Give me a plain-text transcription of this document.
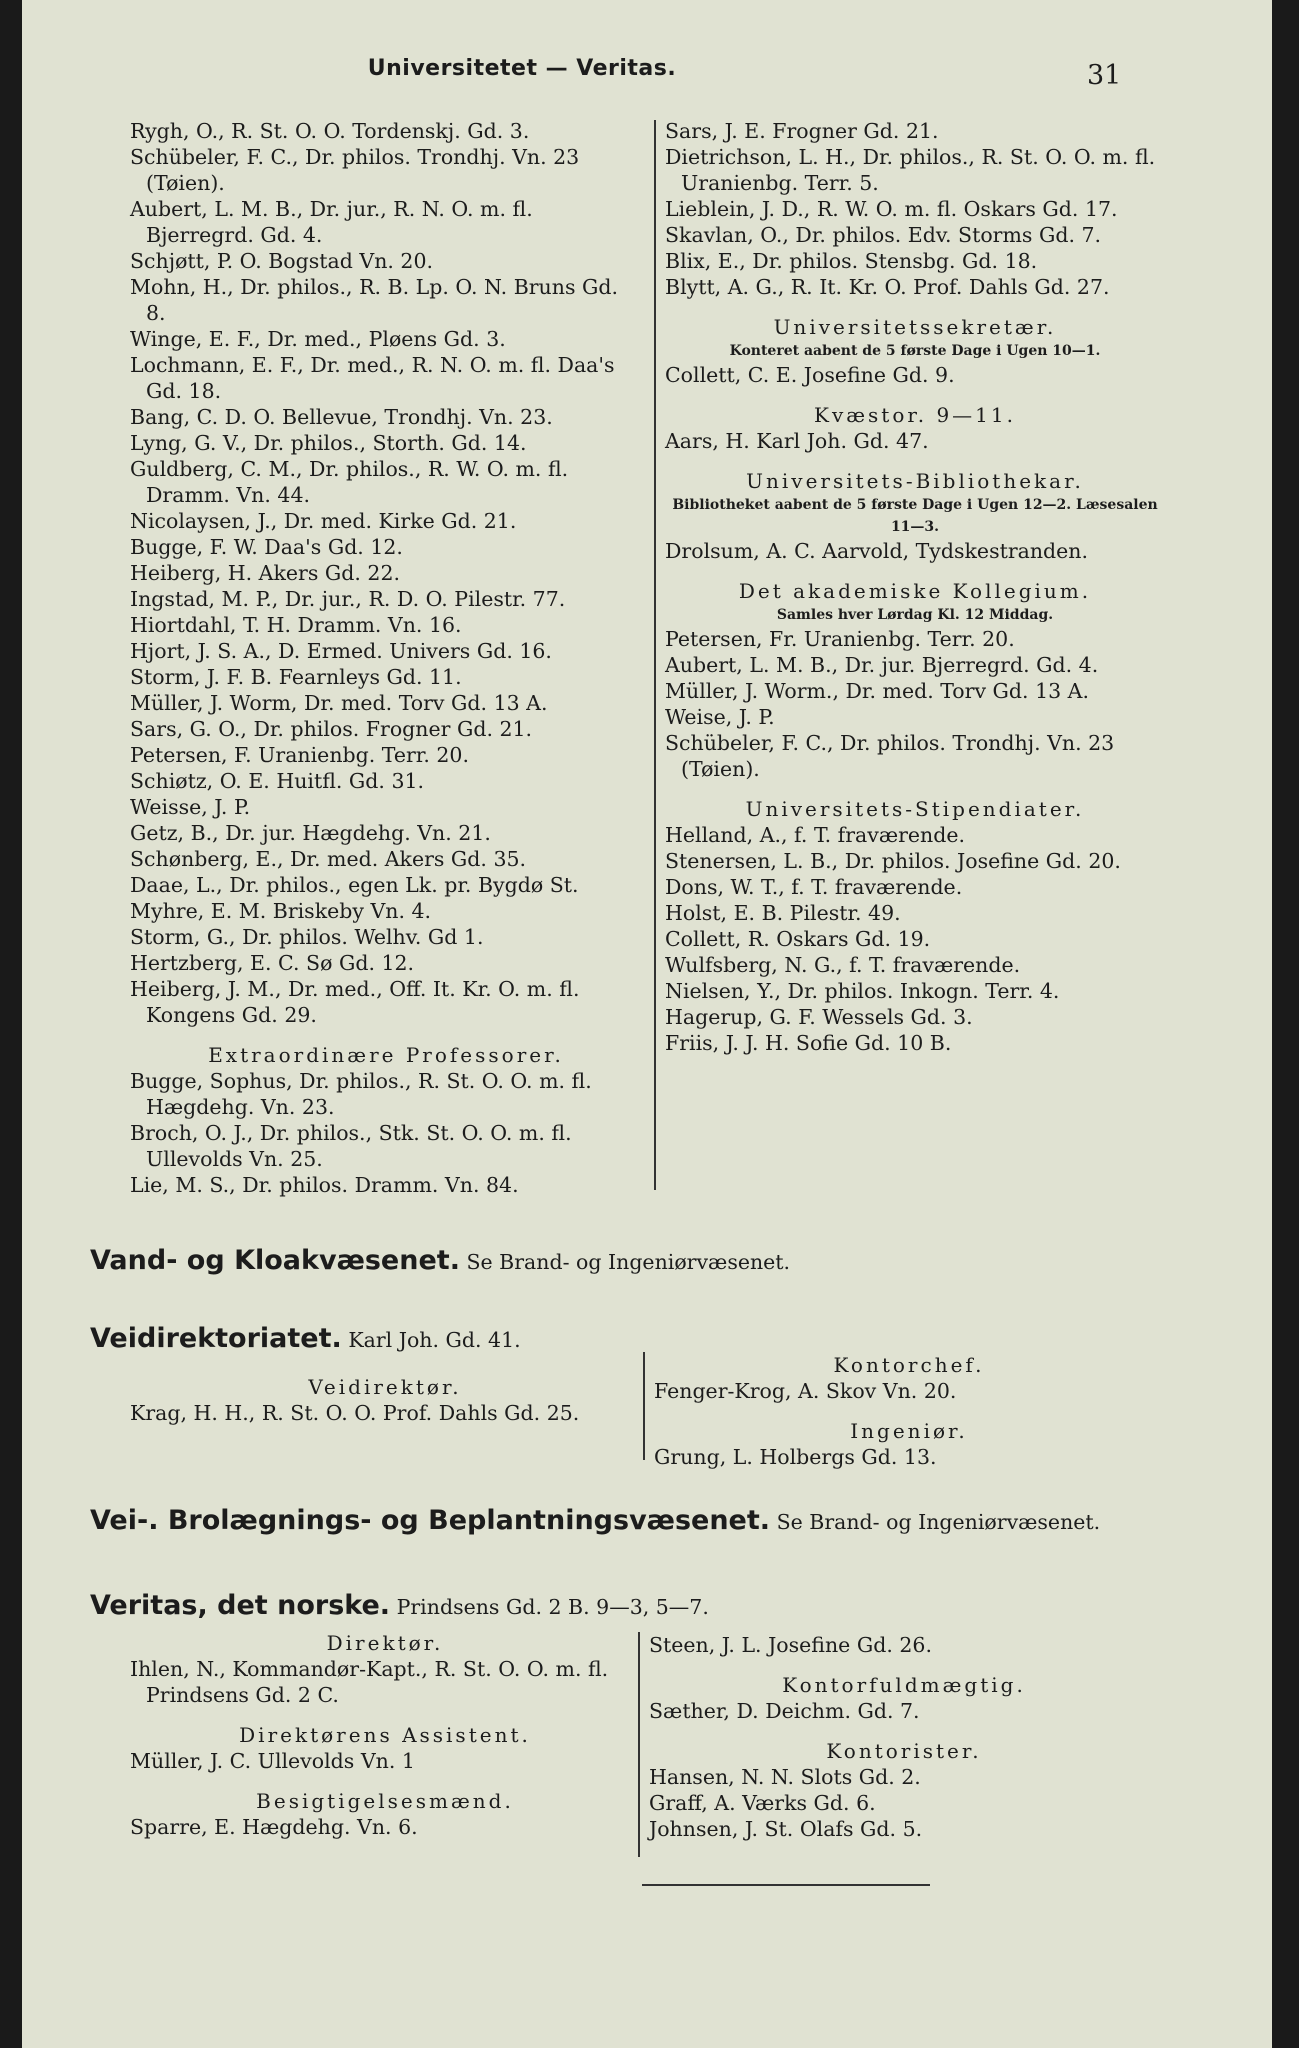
Universitetet — Veritas.	31
Rygh, O., R. St. O. O. Tordenskj. Gd. 3.
Schübeler, F. C., Dr. philos. Trondhj. Vn. 23 (Tøien).
Aubert, L. M. B., Dr. jur., R. N. O. m. fl. Bjerregrd. Gd. 4.
Schjøtt, P. O. Bogstad Vn. 20.
Mohn, H., Dr. philos., R. B. Lp. O. N. Bruns Gd. 8.
Winge, E. F., Dr. med., Pløens Gd. 3.
Lochmann, E. F., Dr. med., R. N. O. m. fl. Daa's Gd. 18.
Bang, C. D. O. Bellevue, Trondhj. Vn. 23.
Lyng, G. V., Dr. philos., Storth. Gd. 14.
Guldberg, C. M., Dr. philos., R. W. O. m. fl. Dramm. Vn. 44.
Nicolaysen, J., Dr. med. Kirke Gd. 21.
Bugge, F. W. Daa's Gd. 12.
Heiberg, H. Akers Gd. 22.
Ingstad, M. P., Dr. jur., R. D. O. Pilestr. 77.
Hiortdahl, T. H. Dramm. Vn. 16.
Hjort, J. S. A., D. Ermed. Univers Gd. 16.
Storm, J. F. B. Fearnleys Gd. 11.
Müller, J. Worm, Dr. med. Torv Gd. 13 A.
Sars, G. O., Dr. philos. Frogner Gd. 21.
Petersen, F. Uranienbg. Terr. 20.
Schiøtz, O. E. Huitfl. Gd. 31.
Weisse, J. P.
Getz, B., Dr. jur. Hægdehg. Vn. 21.
Schønberg, E., Dr. med. Akers Gd. 35.
Daae, L., Dr. philos., egen Lk. pr. Bygdø St.
Myhre, E. M. Briskeby Vn. 4.
Storm, G., Dr. philos. Welhv. Gd 1.
Hertzberg, E. C. Sø Gd. 12.
Heiberg, J. M., Dr. med., Off. It. Kr. O. m. fl. Kongens Gd. 29.
Extraordinære Professorer.
Bugge, Sophus, Dr. philos., R. St. O. O. m. fl. Hægdehg. Vn. 23.
Broch, O. J., Dr. philos., Stk. St. O. O. m. fl. Ullevolds Vn. 25.
Lie, M. S., Dr. philos. Dramm. Vn. 84.
Sars, J. E. Frogner Gd. 21.
Dietrichson, L. H., Dr. philos., R. St. O. O. m. fl. Uranienbg. Terr. 5.
Lieblein, J. D., R. W. O. m. fl. Oskars Gd. 17.
Skavlan, O., Dr. philos. Edv. Storms Gd. 7.
Blix, E., Dr. philos. Stensbg. Gd. 18.
Blytt, A. G., R. It. Kr. O. Prof. Dahls Gd. 27.
Universitetssekretær.
Konteret aabent de 5 første Dage i Ugen 10—1.
Collett, C. E. Josefine Gd. 9.
Kvæstor. 9—11.
Aars, H. Karl Joh. Gd. 47.
Universitets-Bibliothekar.
Bibliotheket aabent de 5 første Dage i Ugen 12—2. Læsesalen 11—3.
Drolsum, A. C. Aarvold, Tydskestranden.
Det akademiske Kollegium.
Samles hver Lørdag Kl. 12 Middag.
Petersen, Fr. Uranienbg. Terr. 20.
Aubert, L. M. B., Dr. jur. Bjerregrd. Gd. 4.
Müller, J. Worm., Dr. med. Torv Gd. 13 A.
Weise, J. P.
Schübeler, F. C., Dr. philos. Trondhj. Vn. 23 (Tøien).
Universitets-Stipendiater.
Helland, A., f. T. fraværende.
Stenersen, L. B., Dr. philos. Josefine Gd. 20.
Dons, W. T., f. T. fraværende.
Holst, E. B. Pilestr. 49.
Collett, R. Oskars Gd. 19.
Wulfsberg, N. G., f. T. fraværende.
Nielsen, Y., Dr. philos. Inkogn. Terr. 4.
Hagerup, G. F. Wessels Gd. 3.
Friis, J. J. H. Sofie Gd. 10 B.
Vand- og Kloakvæsenet. Se Brand- og Ingeniørvæsenet.
Veidirektoriatet. Karl Joh. Gd. 41.
Veidirektør.
Krag, H. H., R. St. O. O. Prof. Dahls Gd. 25.
Kontorchef.
Fenger-Krog, A. Skov Vn. 20.
Ingeniør.
Grung, L. Holbergs Gd. 13.
Vei-. Brolægnings- og Beplantningsvæsenet. Se Brand- og Ingeniørvæsenet.
Veritas, det norske. Prindsens Gd. 2 B. 9—3, 5—7.
Direktør.
Ihlen, N., Kommandør-Kapt., R. St. O. O. m. fl. Prindsens Gd. 2 C.
Direktørens Assistent.
Müller, J. C. Ullevolds Vn. 1
Besigtigelsesmænd.
Sparre, E. Hægdehg. Vn. 6.
Steen, J. L. Josefine Gd. 26.
Kontorfuldmægtig.
Sæther, D. Deichm. Gd. 7.
Kontorister.
Hansen, N. N. Slots Gd. 2.
Graff, A. Værks Gd. 6.
Johnsen, J. St. Olafs Gd. 5.
